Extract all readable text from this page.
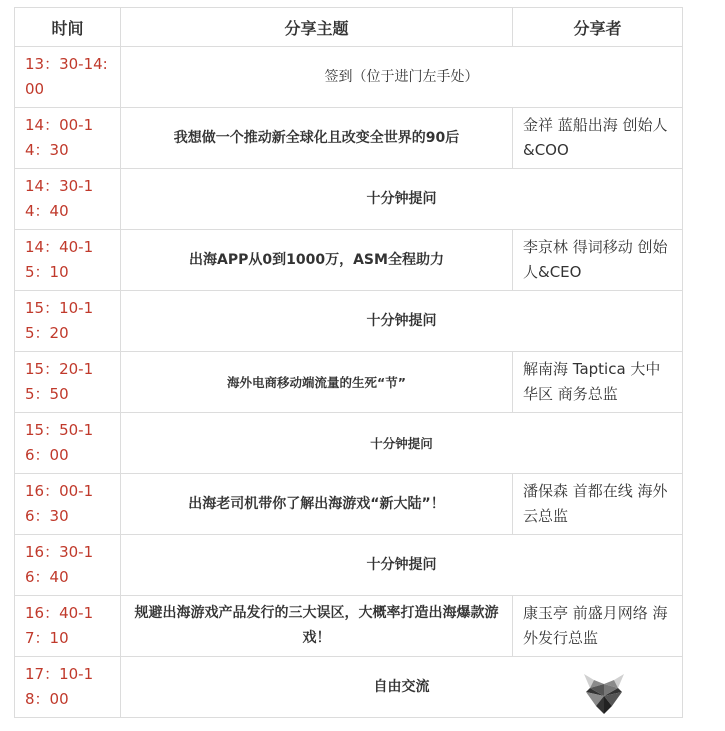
时间	分享主题	分享者
13：30-14:00	签到（位于进门左手处）	
14：00-14：30	我想做一个推动新全球化且改变全世界的90后	金祥 蓝船出海 创始人&COO
14：30-14：40	十分钟提问	
14：40-15：10	出海APP从0到1000万，ASM全程助力	李京林 得词移动 创始人&CEO
15：10-15：20	十分钟提问	
15：20-15：50	海外电商移动端流量的生死“节”	解南海 Taptica 大中华区 商务总监
15：50-16：00	十分钟提问	
16：00-16：30	出海老司机带你了解出海游戏“新大陆”！	潘保森 首都在线 海外云总监
16：30-16：40	十分钟提问	
16：40-17：10	规避出海游戏产品发行的三大误区，大概率打造出海爆款游戏！	康玉亭 前盛月网络 海外发行总监
17：10-18：00	自由交流	
